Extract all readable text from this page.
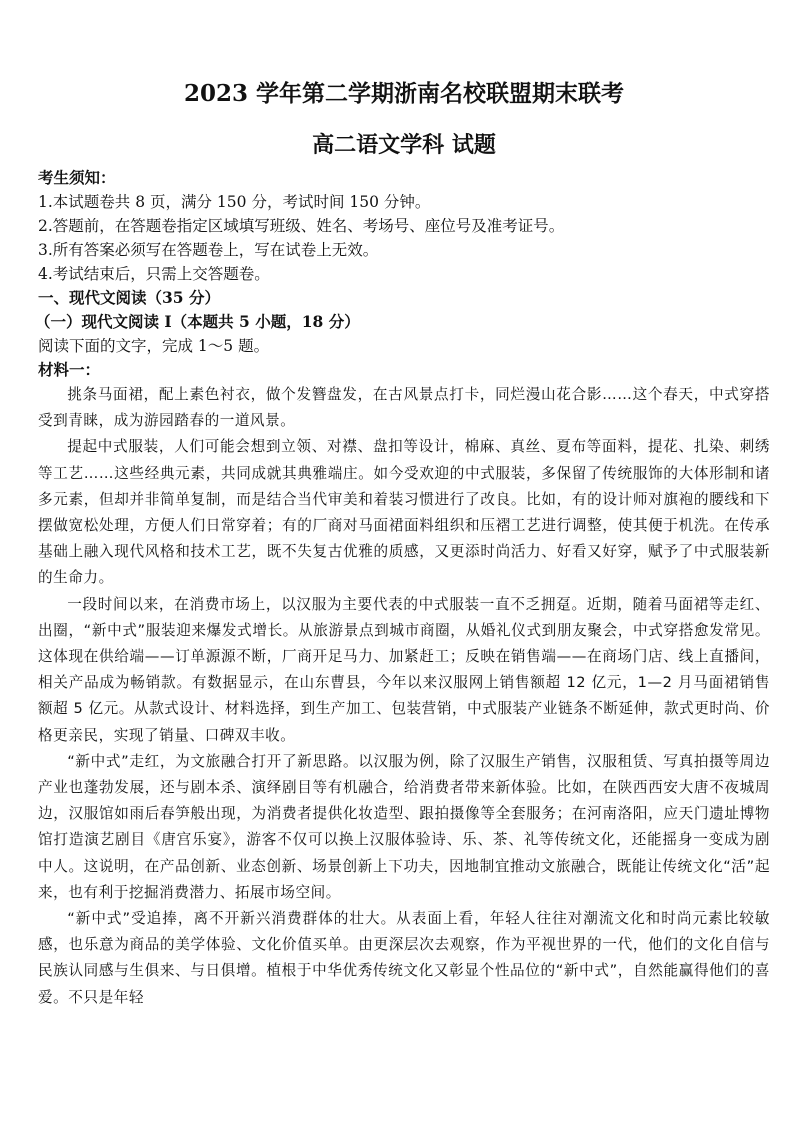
2023 学年第二学期浙南名校联盟期末联考
高二语文学科 试题

考生须知：

1.本试题卷共 8 页，满分 150 分，考试时间 150 分钟。
2.答题前，在答题卷指定区域填写班级、姓名、考场号、座位号及准考证号。
3.所有答案必须写在答题卷上，写在试卷上无效。
4.考试结束后，只需上交答题卷。

一、现代文阅读（35 分）

（一）现代文阅读 I（本题共 5 小题，18 分）

阅读下面的文字，完成 1～5 题。

材料一：

挑条马面裙，配上素色衬衣，做个发簪盘发，在古风景点打卡，同烂漫山花合影……这个春天，中式穿搭受到青睐，成为游园踏春的一道风景。

提起中式服装，人们可能会想到立领、对襟、盘扣等设计，棉麻、真丝、夏布等面料，提花、扎染、刺绣等工艺……这些经典元素，共同成就其典雅端庄。如今受欢迎的中式服装，多保留了传统服饰的大体形制和诸多元素，但却并非简单复制，而是结合当代审美和着装习惯进行了改良。比如，有的设计师对旗袍的腰线和下摆做宽松处理，方便人们日常穿着；有的厂商对马面裙面料组织和压褶工艺进行调整，使其便于机洗。在传承基础上融入现代风格和技术工艺，既不失复古优雅的质感，又更添时尚活力、好看又好穿，赋予了中式服装新的生命力。

一段时间以来，在消费市场上，以汉服为主要代表的中式服装一直不乏拥趸。近期，随着马面裙等走红、出圈，“新中式”服装迎来爆发式增长。从旅游景点到城市商圈，从婚礼仪式到朋友聚会，中式穿搭愈发常见。这体现在供给端——订单源源不断，厂商开足马力、加紧赶工；反映在销售端——在商场门店、线上直播间，相关产品成为畅销款。有数据显示，在山东曹县，今年以来汉服网上销售额超 12 亿元，1—2 月马面裙销售额超 5 亿元。从款式设计、材料选择，到生产加工、包装营销，中式服装产业链条不断延伸，款式更时尚、价格更亲民，实现了销量、口碑双丰收。

“新中式”走红，为文旅融合打开了新思路。以汉服为例，除了汉服生产销售，汉服租赁、写真拍摄等周边产业也蓬勃发展，还与剧本杀、演绎剧目等有机融合，给消费者带来新体验。比如，在陕西西安大唐不夜城周边，汉服馆如雨后春笋般出现，为消费者提供化妆造型、跟拍摄像等全套服务；在河南洛阳，应天门遗址博物馆打造演艺剧目《唐宫乐宴》，游客不仅可以换上汉服体验诗、乐、茶、礼等传统文化，还能摇身一变成为剧中人。这说明，在产品创新、业态创新、场景创新上下功夫，因地制宜推动文旅融合，既能让传统文化“活”起来，也有利于挖掘消费潜力、拓展市场空间。

“新中式”受追捧，离不开新兴消费群体的壮大。从表面上看，年轻人往往对潮流文化和时尚元素比较敏感，也乐意为商品的美学体验、文化价值买单。由更深层次去观察，作为平视世界的一代，他们的文化自信与民族认同感与生俱来、与日俱增。植根于中华优秀传统文化又彰显个性品位的“新中式”，自然能赢得他们的喜爱。不只是年轻
